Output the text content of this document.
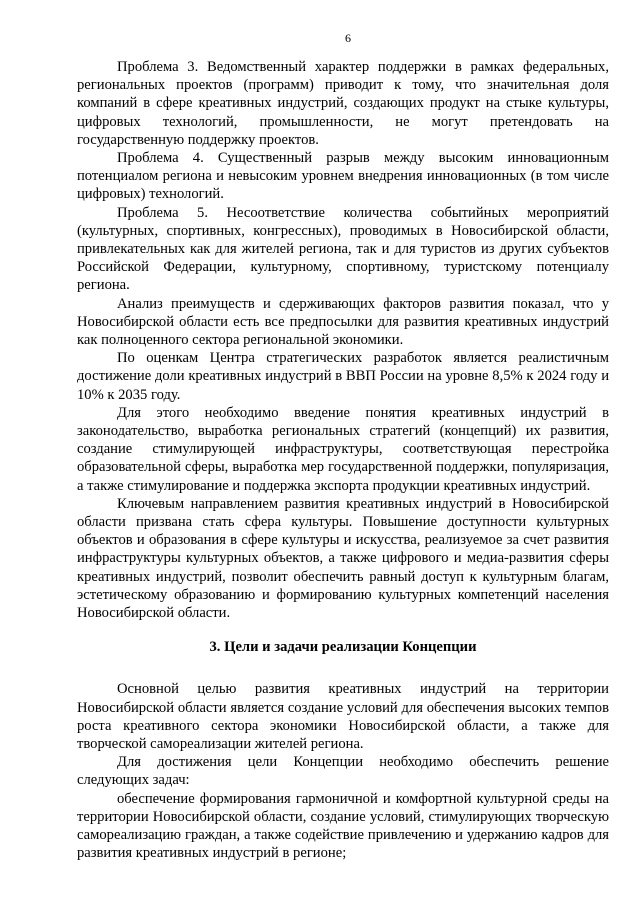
6

Проблема 3. Ведомственный характер поддержки в рамках федеральных, региональных проектов (программ) приводит к тому, что значительная доля компаний в сфере креативных индустрий, создающих продукт на стыке культуры, цифровых технологий, промышленности, не могут претендовать на государственную поддержку проектов.

Проблема 4. Существенный разрыв между высоким инновационным потенциалом региона и невысоким уровнем внедрения инновационных (в том числе цифровых) технологий.

Проблема 5. Несоответствие количества событийных мероприятий (культурных, спортивных, конгрессных), проводимых в Новосибирской области, привлекательных как для жителей региона, так и для туристов из других субъектов Российской Федерации, культурному, спортивному, туристскому потенциалу региона.

Анализ преимуществ и сдерживающих факторов развития показал, что у Новосибирской области есть все предпосылки для развития креативных индустрий как полноценного сектора региональной экономики.

По оценкам Центра стратегических разработок является реалистичным достижение доли креативных индустрий в ВВП России на уровне 8,5% к 2024 году и 10% к 2035 году.

Для этого необходимо введение понятия креативных индустрий в законодательство, выработка региональных стратегий (концепций) их развития, создание стимулирующей инфраструктуры, соответствующая перестройка образовательной сферы, выработка мер государственной поддержки, популяризация, а также стимулирование и поддержка экспорта продукции креативных индустрий.

Ключевым направлением развития креативных индустрий в Новосибирской области призвана стать сфера культуры. Повышение доступности культурных объектов и образования в сфере культуры и искусства, реализуемое за счет развития инфраструктуры культурных объектов, а также цифрового и медиа-развития сферы креативных индустрий, позволит обеспечить равный доступ к культурным благам, эстетическому образованию и формированию культурных компетенций населения Новосибирской области.

3. Цели и задачи реализации Концепции

Основной целью развития креативных индустрий на территории Новосибирской области является создание условий для обеспечения высоких темпов роста креативного сектора экономики Новосибирской области, а также для творческой самореализации жителей региона.

Для достижения цели Концепции необходимо обеспечить решение следующих задач:

обеспечение формирования гармоничной и комфортной культурной среды на территории Новосибирской области, создание условий, стимулирующих творческую самореализацию граждан, а также содействие привлечению и удержанию кадров для развития креативных индустрий в регионе;
